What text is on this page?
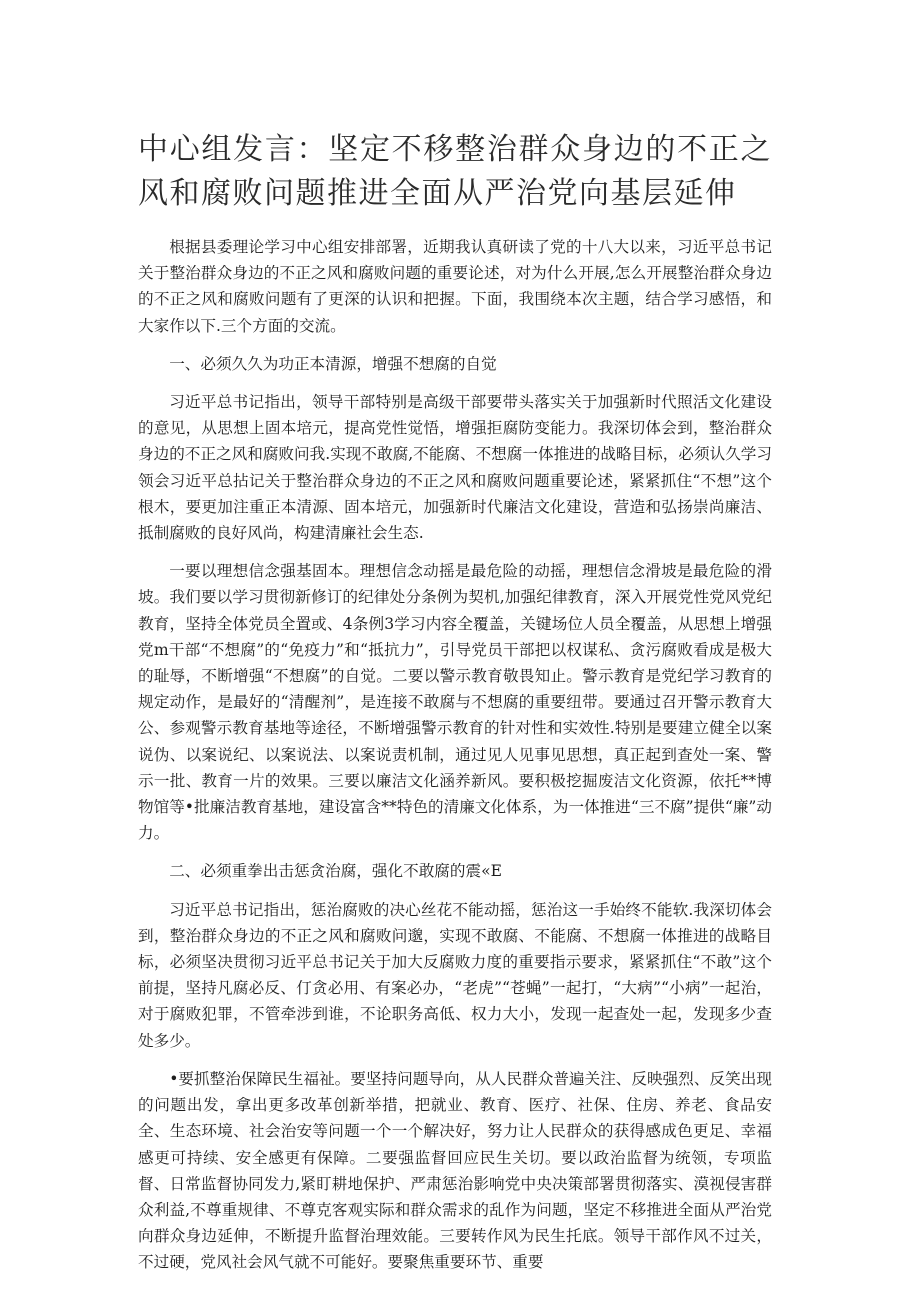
中心组发言：坚定不移整治群众身边的不正之风和腐败问题推进全面从严治党向基层延伸

根据县委理论学习中心组安排部署，近期我认真研读了党的十八大以来，习近平总书记关于整治群众身边的不正之风和腐败问题的重要论述，对为什么开展,怎么开展整治群众身边的不正之风和腐败问题有了更深的认识和把握。下面，我围绕本次主题，结合学习感悟，和大家作以下.三个方面的交流。

一、必须久久为功正本清源，增强不想腐的自觉

习近平总书记指出，领导干部特别是高级干部要带头落实关于加强新时代照活文化建设的意见，从思想上固本培元，提高党性觉悟，增强拒腐防变能力。我深切体会到，整治群众身边的不正之风和腐败问我.实现不敢腐,不能腐、不想腐一体推进的战略目标，必须认久学习领会习近平总拈记关于整治群众身边的不正之风和腐败问题重要论述，紧紧抓住“不想”这个根木，要更加注重正本清源、固本培元，加强新时代廉洁文化建设，营造和弘扬崇尚廉洁、抵制腐败的良好风尚，构建清廉社会生态.

一要以理想信念强基固本。理想信念动摇是最危险的动摇，理想信念滑坡是最危险的滑坡。我们要以学习贯彻新修订的纪律处分条例为契机,加强纪律教育，深入开展党性党风党纪教育，坚持全体党员全置或、4条例3学习内容全覆盖，关键场位人员全覆盖，从思想上增强党m干部“不想腐”的“免疫力”和“抵抗力”，引导党员干部把以权谋私、贪污腐败看成是极大的耻辱，不断增强“不想腐”的自觉。二要以警示教育敬畏知止。警示教育是党纪学习教育的规定动作，是最好的“清醒剂”，是连接不敢腐与不想腐的重要纽带。要通过召开警示教育大公、参观警示教育基地等途径，不断增强警示教育的针对性和实效性.特别是要建立健全以案说伪、以案说纪、以案说法、以案说责机制，通过见人见事见思想，真正起到查处一案、警示一批、教育一片的效果。三要以廉洁文化涵养新风。要积极挖掘废洁文化资源，依托**博物馆等•批廉洁教育基地，建设富含**特色的清廉文化体系，为一体推进“三不腐”提供“廉”动力。

二、必须重拳出击惩贪治腐，强化不敢腐的震«E

习近平总书记指出，惩治腐败的决心丝花不能动摇，惩治这一手始终不能软.我深切体会到，整治群众身边的不正之风和腐败问邈，实现不敢腐、不能腐、不想腐一体推进的战略目标，必须坚决贯彻习近平总书记关于加大反腐败力度的重要指示要求，紧紧抓住“不敢”这个前提，坚持凡腐必反、仃贪必用、有案必办，“老虎”“苍蝇”一起打，“大病”“小病”一起治，对于腐败犯罪，不管牵涉到谁，不论职务高低、权力大小，发现一起查处一起，发现多少查处多少。

•要抓整治保障民生福祉。要坚持问题导向，从人民群众普遍关注、反映强烈、反笑出现的问题出发，拿出更多改革创新举措，把就业、教育、医疗、社保、住房、养老、食品安全、生态环境、社会治安等问题一个一个解决好，努力让人民群众的获得感成色更足、幸福感更可持续、安全感更有保障。二要强监督回应民生关切。要以政治监督为统领，专项监督、日常监督协同发力,紧盯耕地保护、严肃惩治影响党中央决策部署贯彻落实、漠视侵害群众利益,不尊重规律、不尊克客观实际和群众需求的乱作为问题，坚定不移推进全面从严治党向群众身边延伸，不断提升监督治理效能。三要转作风为民生托底。领导干部作风不过关，不过硬，党风社会风气就不可能好。要聚焦重要环节、重要
